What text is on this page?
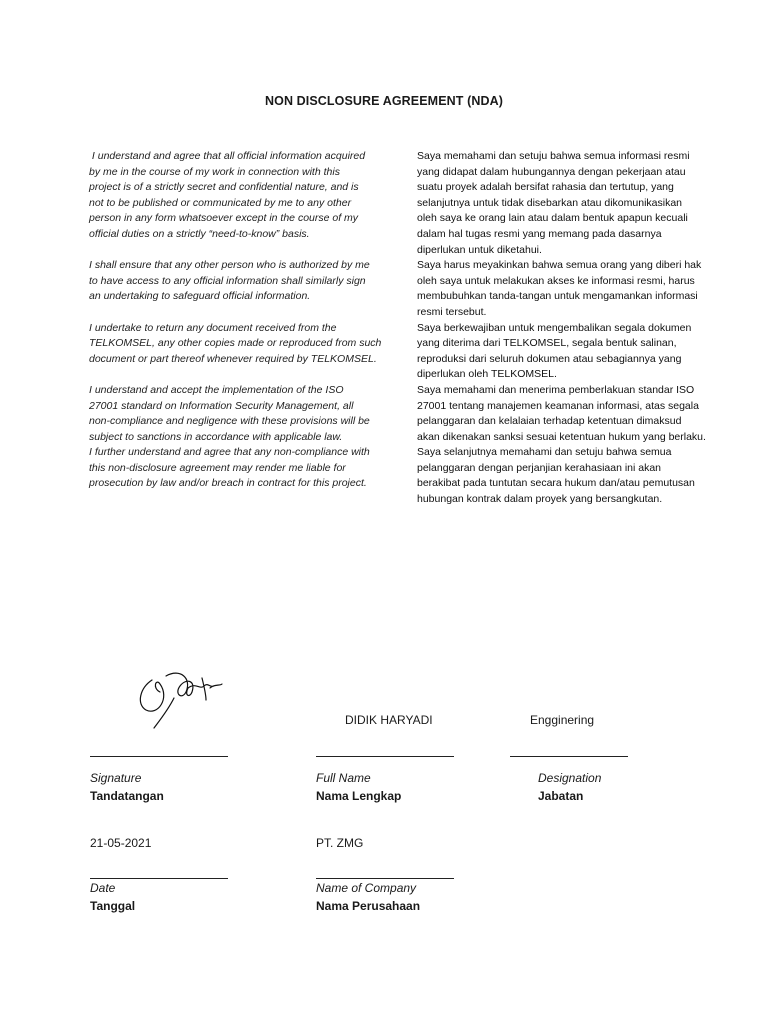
NON DISCLOSURE AGREEMENT (NDA)

I understand and agree that all official information acquired
by me in the course of my work in connection with this
project is of a strictly secret and confidential nature, and is
not to be published or communicated by me to any other
person in any form whatsoever except in the course of my
official duties on a strictly “need-to-know” basis.

I shall ensure that any other person who is authorized by me
to have access to any official information shall similarly sign
an undertaking to safeguard official information.

I undertake to return any document received from the
TELKOMSEL, any other copies made or reproduced from such
document or part thereof whenever required by TELKOMSEL.

I understand and accept the implementation of the ISO
27001 standard on Information Security Management, all
non-compliance and negligence with these provisions will be
subject to sanctions in accordance with applicable law.
I further understand and agree that any non-compliance with
this non-disclosure agreement may render me liable for
prosecution by law and/or breach in contract for this project.

Saya memahami dan setuju bahwa semua informasi resmi
yang didapat dalam hubungannya dengan pekerjaan atau
suatu proyek adalah bersifat rahasia dan tertutup, yang
selanjutnya untuk tidak disebarkan atau dikomunikasikan
oleh saya ke orang lain atau dalam bentuk apapun kecuali
dalam hal tugas resmi yang memang pada dasarnya
diperlukan untuk diketahui.
Saya harus meyakinkan bahwa semua orang yang diberi hak
oleh saya untuk melakukan akses ke informasi resmi, harus
membubuhkan tanda-tangan untuk mengamankan informasi
resmi tersebut.
Saya berkewajiban untuk mengembalikan segala dokumen
yang diterima dari TELKOMSEL, segala bentuk salinan,
reproduksi dari seluruh dokumen atau sebagiannya yang
diperlukan oleh TELKOMSEL.
Saya memahami dan menerima pemberlakuan standar ISO
27001 tentang manajemen keamanan informasi, atas segala
pelanggaran dan kelalaian terhadap ketentuan dimaksud
akan dikenakan sanksi sesuai ketentuan hukum yang berlaku.
Saya selanjutnya memahami dan setuju bahwa semua
pelanggaran dengan perjanjian kerahasiaan ini akan
berakibat pada tuntutan secara hukum dan/atau pemutusan
hubungan kontrak dalam proyek yang bersangkutan.

DIDIK HARYADI	Engginering
Signature
Tandatangan
Full Name
Nama Lengkap
Designation
Jabatan
21-05-2021	PT. ZMG
Date
Tanggal
Name of Company
Nama Perusahaan
